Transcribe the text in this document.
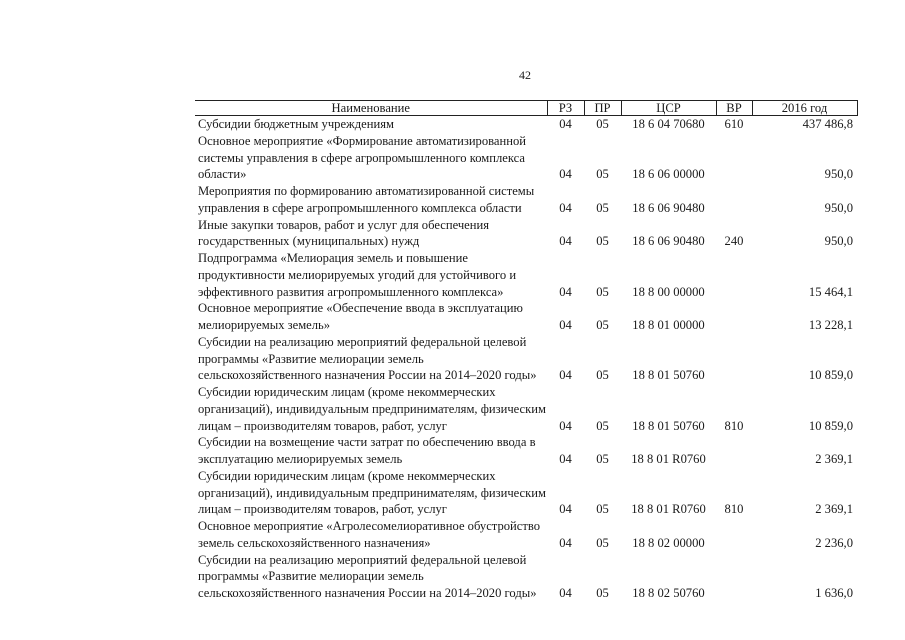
42
Наименование	РЗ	ПР	ЦСР	ВР	2016 год
Субсидии бюджетным учреждениям	04	05	18 6 04 70680	610	437 486,8
Основное мероприятие «Формирование автоматизированной системы управления в сфере агропромышленного комплекса области»	04	05	18 6 06 00000		950,0
Мероприятия по формированию автоматизированной системы управления в сфере агропромышленного комплекса области	04	05	18 6 06 90480		950,0
Иные закупки товаров, работ и услуг для обеспечения государственных (муниципальных) нужд	04	05	18 6 06 90480	240	950,0
Подпрограмма «Мелиорация земель и повышение продуктивности мелиорируемых угодий для устойчивого и эффективного развития агропромышленного комплекса»	04	05	18 8 00 00000		15 464,1
Основное мероприятие «Обеспечение ввода в эксплуатацию мелиорируемых земель»	04	05	18 8 01 00000		13 228,1
Субсидии на реализацию мероприятий федеральной целевой программы «Развитие мелиорации земель сельскохозяйственного назначения России на 2014–2020 годы»	04	05	18 8 01 50760		10 859,0
Субсидии юридическим лицам (кроме некоммерческих организаций), индивидуальным предпринимателям, физическим лицам – производителям товаров, работ, услуг	04	05	18 8 01 50760	810	10 859,0
Субсидии на возмещение части затрат по обеспечению ввода в эксплуатацию мелиорируемых земель	04	05	18 8 01 R0760		2 369,1
Субсидии юридическим лицам (кроме некоммерческих организаций), индивидуальным предпринимателям, физическим лицам – производителям товаров, работ, услуг	04	05	18 8 01 R0760	810	2 369,1
Основное мероприятие «Агролесомелиоративное обустройство земель сельскохозяйственного назначения»	04	05	18 8 02 00000		2 236,0
Субсидии на реализацию мероприятий федеральной целевой программы «Развитие мелиорации земель сельскохозяйственного назначения России на 2014–2020 годы»	04	05	18 8 02 50760		1 636,0
